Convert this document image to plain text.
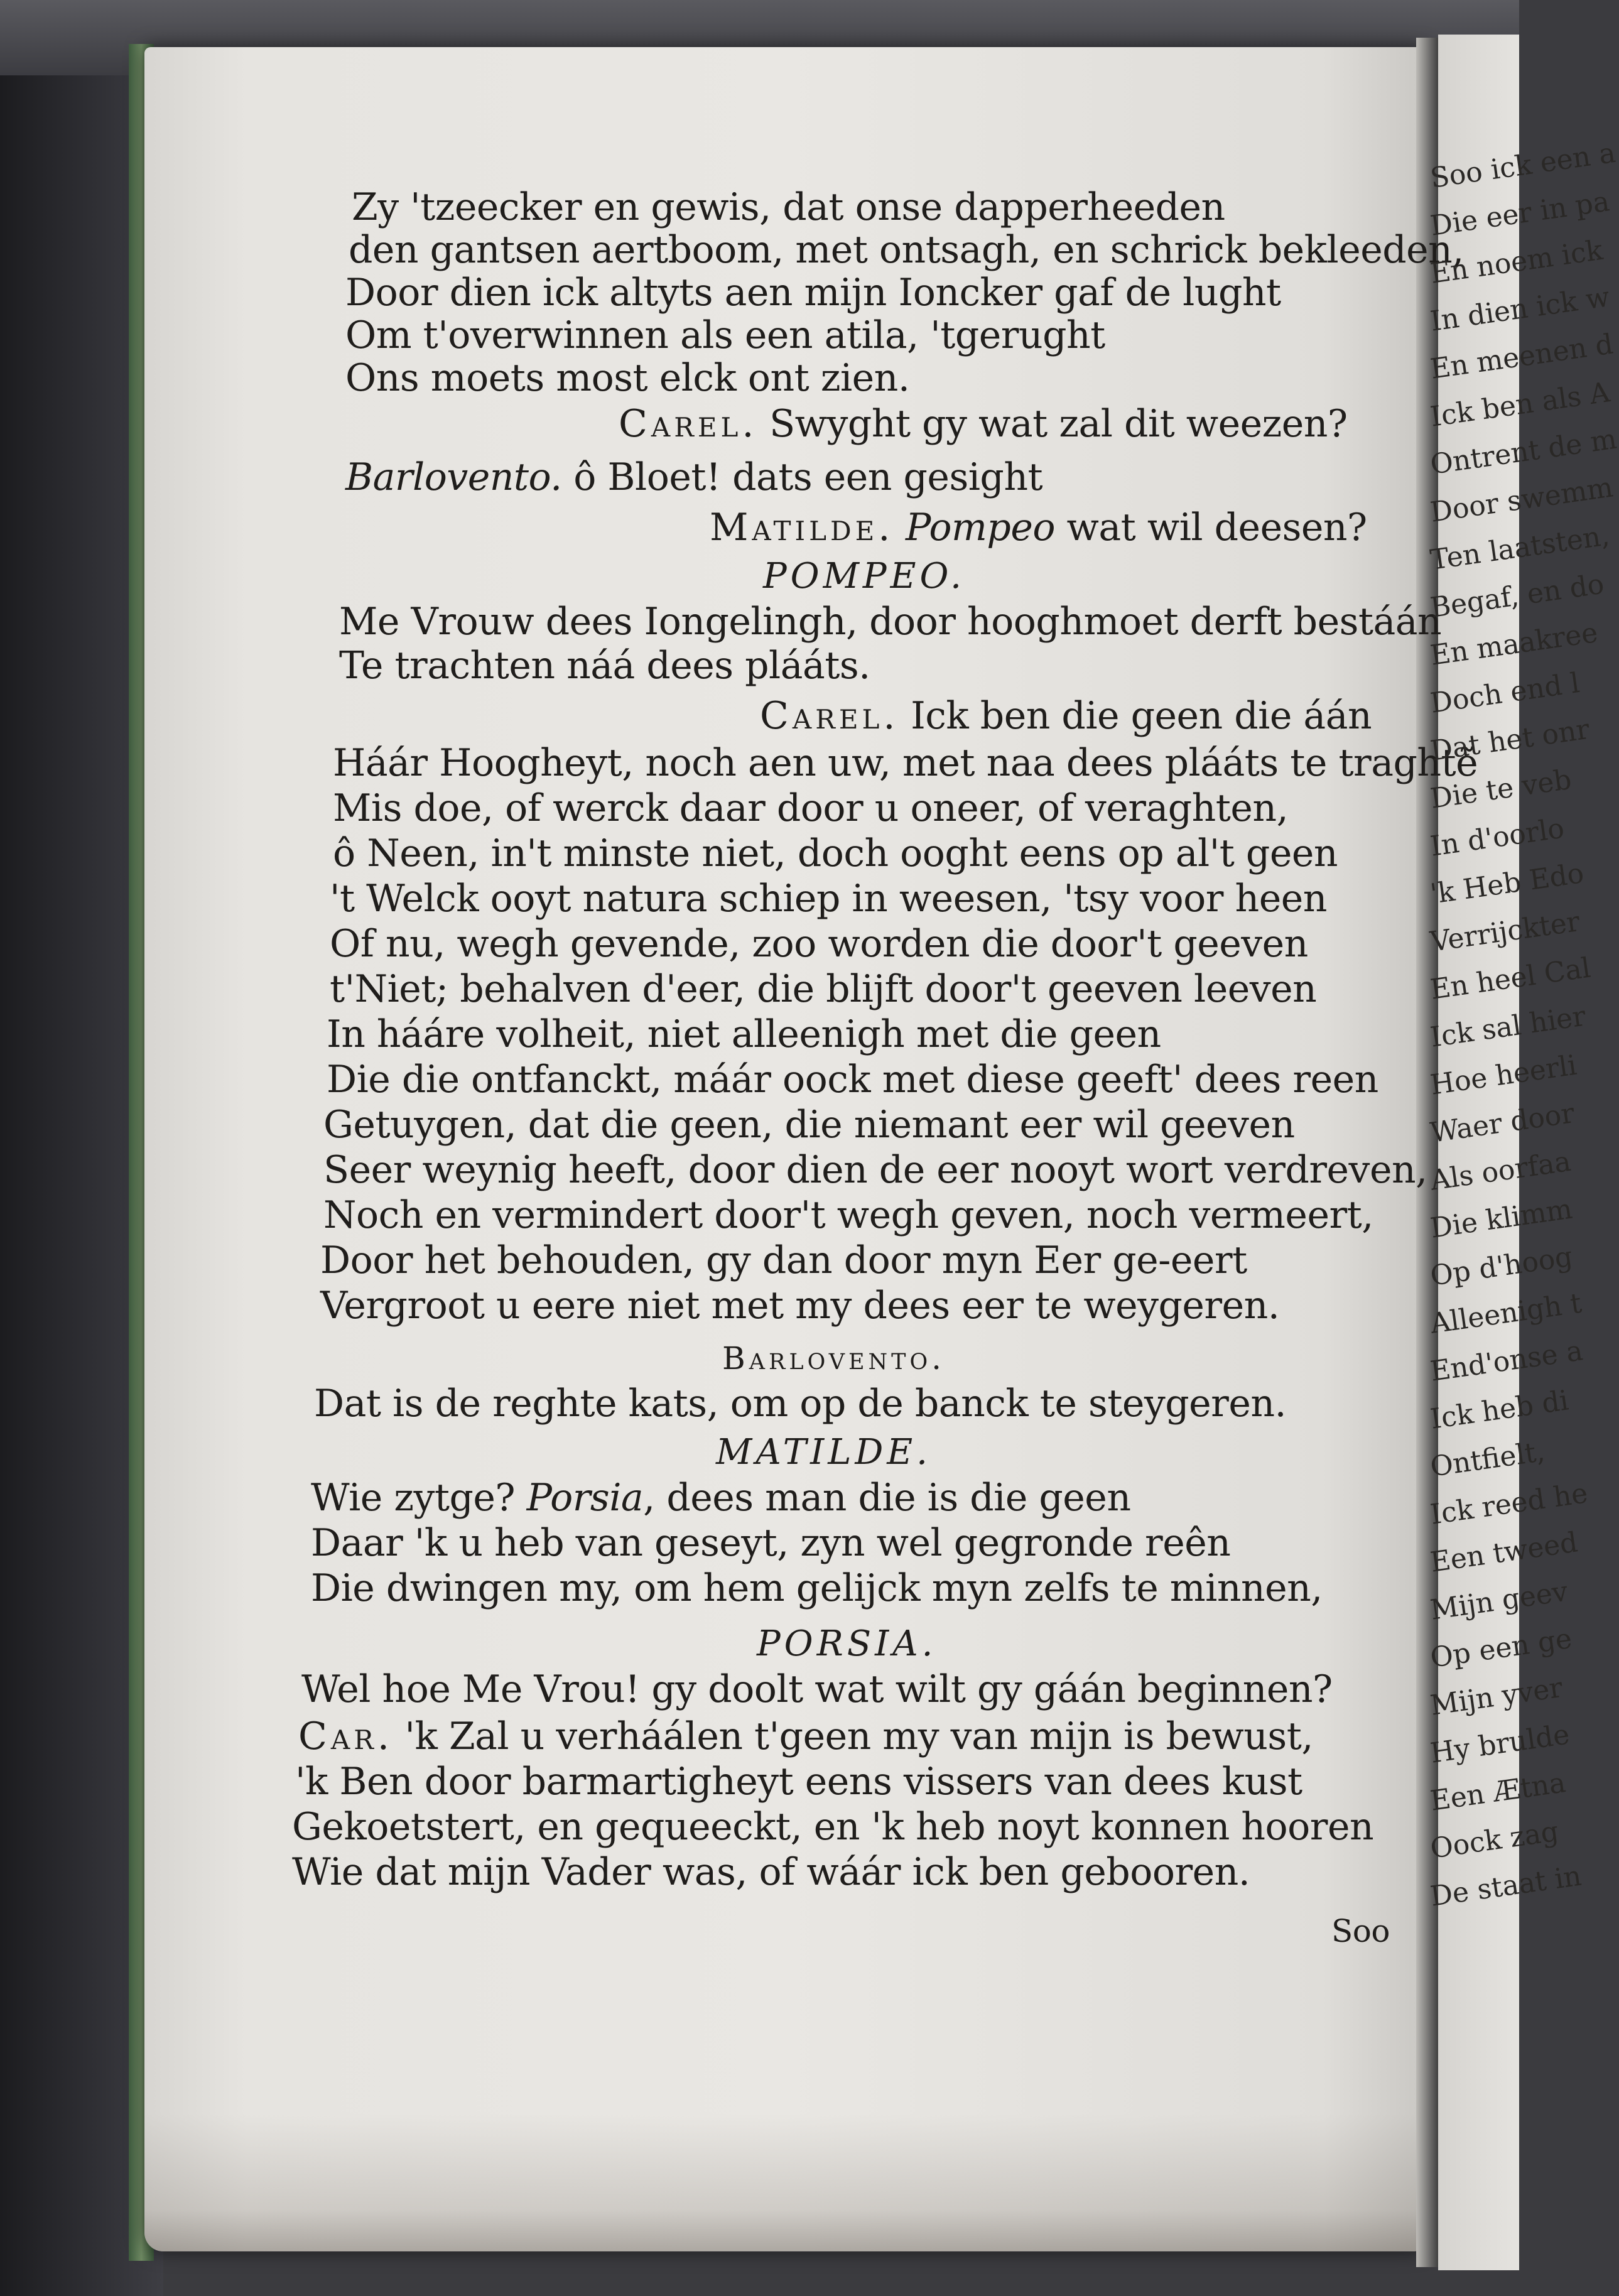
Zy 'tzeecker en gewis, dat onse dapperheeden
den gantsen aertboom, met ontsagh, en schrick bekleeden,
Door dien ick altyts aen mijn Ioncker gaf de lught
Om t'overwinnen als een atila, 'tgerught
Ons moets most elck ont zien.
Carel. Swyght gy wat zal dit weezen?
Barlovento. ô Bloet! dats een gesight
Matilde. Pompeo wat wil deesen?
POMPEO.
Me Vrouw dees Iongelingh, door hooghmoet derft bestáán
Te trachten náá dees plááts.
Carel. Ick ben die geen die áán
Háár Hoogheyt, noch aen uw, met naa dees plááts te traghtẽ
Mis doe, of werck daar door u oneer, of veraghten,
ô Neen, in't minste niet, doch ooght eens op al't geen
't Welck ooyt natura schiep in weesen, 'tsy voor heen
Of nu, wegh gevende, zoo worden die door't geeven
t'Niet; behalven d'eer, die blijft door't geeven leeven
In hááre volheit, niet alleenigh met die geen
Die die ontfanckt, máár oock met diese geeft' dees reen
Getuygen, dat die geen, die niemant eer wil geeven
Seer weynig heeft, door dien de eer nooyt wort verdreven,
Noch en vermindert door't wegh geven, noch vermeert,
Door het behouden, gy dan door myn Eer ge-eert
Vergroot u eere niet met my dees eer te weygeren.
Barlovento.
Dat is de reghte kats, om op de banck te steygeren.
MATILDE.
Wie zytge? Porsia, dees man die is die geen
Daar 'k u heb van geseyt, zyn wel gegronde reên
Die dwingen my, om hem gelijck myn zelfs te minnen,
PORSIA.
Wel hoe Me Vrou! gy doolt wat wilt gy gáán beginnen?
Car. 'k Zal u verháálen t'geen my van mijn is bewust,
'k Ben door barmartigheyt eens vissers van dees kust
Gekoetstert, en gequeeckt, en 'k heb noyt konnen hooren
Wie dat mijn Vader was, of wáár ick ben gebooren.
Soo
Soo ick een a
Die eer in pa
En noem ick
In dien ick w
En meenen d
Ick ben als A
Ontrent de m
Door swemm
Ten laatsten,
Begaf, en do
En maakree
Doch end l
Dat het onr
Die te veb
In d'oorlo
'k Heb Edo
Verrijckter
En heel Cal
Ick sal hier
Hoe heerli
Waer door
Als oorfaa
Die klimm
Op d'hoog
Alleenigh t
End'onse a
Ick heb di
Ontfielt,
Ick reed he
Een tweed
Mijn geev
Op een ge
Mijn yver
Hy brulde
Een Ætna
Oock zag
De staat in
